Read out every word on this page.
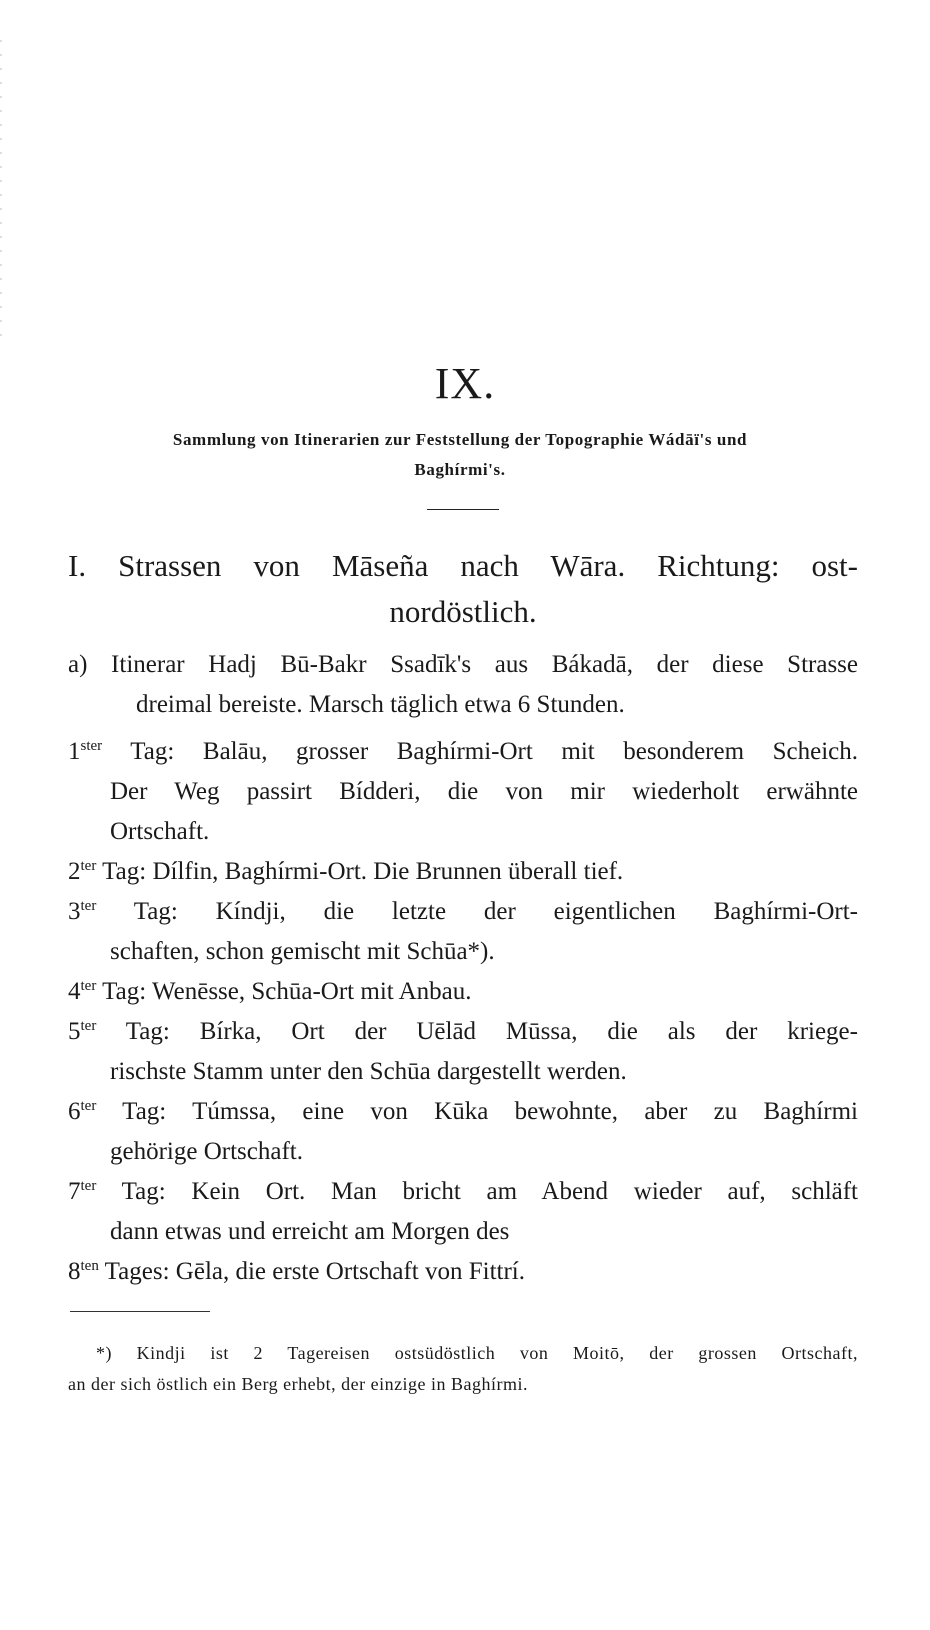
IX.
Sammlung von Itinerarien zur Feststellung der Topographie Wádāï's und
Baghírmi's.
I. Strassen von Māseña nach Wāra. Richtung: ost-
nordöstlich.
a) Itinerar Hadj Bū-Bakr Ssadīk's aus Bákadā, der diese Strasse
dreimal bereiste. Marsch täglich etwa 6 Stunden.
$1^{ster}$ Tag: Balāu, grosser Baghírmi-Ort mit besonderem Scheich.
Der Weg passirt Bídderi, die von mir wiederholt erwähnte
Ortschaft.
$2^{ter}$ Tag: Dílfin, Baghírmi-Ort. Die Brunnen überall tief.
$3^{ter}$ Tag: Kíndji, die letzte der eigentlichen Baghírmi-Ort-
schaften, schon gemischt mit Schūa*).
$4^{ter}$ Tag: Wenēsse, Schūa-Ort mit Anbau.
$5^{ter}$ Tag: Bírka, Ort der Uēlād Mūssa, die als der kriege-
rischste Stamm unter den Schūa dargestellt werden.
$6^{ter}$ Tag: Túmssa, eine von Kūka bewohnte, aber zu Baghírmi
gehörige Ortschaft.
$7^{ter}$ Tag: Kein Ort. Man bricht am Abend wieder auf, schläft
dann etwas und erreicht am Morgen des
$8^{ten}$ Tages: Gēla, die erste Ortschaft von Fittrí.
*) Kindji ist 2 Tagereisen ostsüdöstlich von Moitō, der grossen Ortschaft,
an der sich östlich ein Berg erhebt, der einzige in Baghírmi.
